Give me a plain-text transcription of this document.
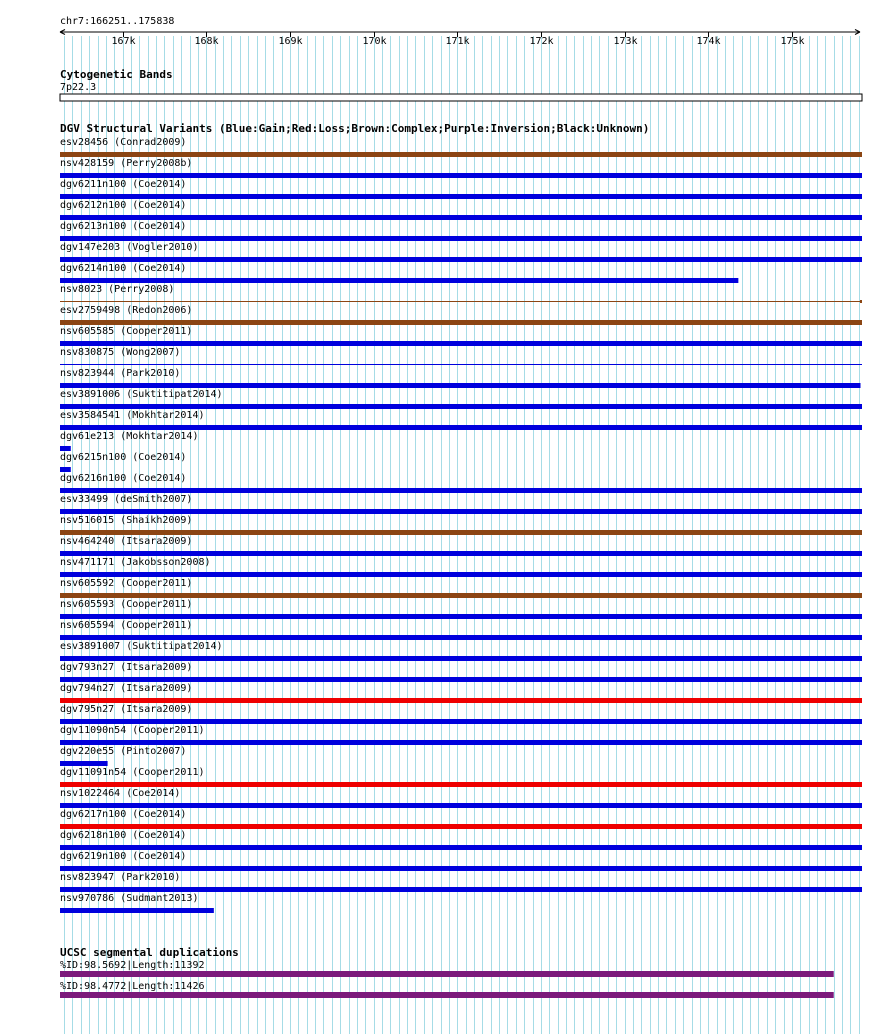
chr7:166251..175838
167k	168k	169k	170k	171k	172k	173k	174k	175k
Cytogenetic Bands
7p22.3
DGV Structural Variants (Blue:Gain;Red:Loss;Brown:Complex;Purple:Inversion;Black:Unknown)
esv28456 (Conrad2009)
nsv428159 (Perry2008b)
dgv6211n100 (Coe2014)
dgv6212n100 (Coe2014)
dgv6213n100 (Coe2014)
dgv147e203 (Vogler2010)
dgv6214n100 (Coe2014)
nsv8023 (Perry2008)
esv2759498 (Redon2006)
nsv605585 (Cooper2011)
nsv830875 (Wong2007)
nsv823944 (Park2010)
esv3891006 (Suktitipat2014)
esv3584541 (Mokhtar2014)
dgv61e213 (Mokhtar2014)
dgv6215n100 (Coe2014)
dgv6216n100 (Coe2014)
esv33499 (deSmith2007)
nsv516015 (Shaikh2009)
nsv464240 (Itsara2009)
nsv471171 (Jakobsson2008)
nsv605592 (Cooper2011)
nsv605593 (Cooper2011)
nsv605594 (Cooper2011)
esv3891007 (Suktitipat2014)
dgv793n27 (Itsara2009)
dgv794n27 (Itsara2009)
dgv795n27 (Itsara2009)
dgv11090n54 (Cooper2011)
dgv220e55 (Pinto2007)
dgv11091n54 (Cooper2011)
nsv1022464 (Coe2014)
dgv6217n100 (Coe2014)
dgv6218n100 (Coe2014)
dgv6219n100 (Coe2014)
nsv823947 (Park2010)
nsv970786 (Sudmant2013)
UCSC segmental duplications
%ID:98.5692|Length:11392
%ID:98.4772|Length:11426
